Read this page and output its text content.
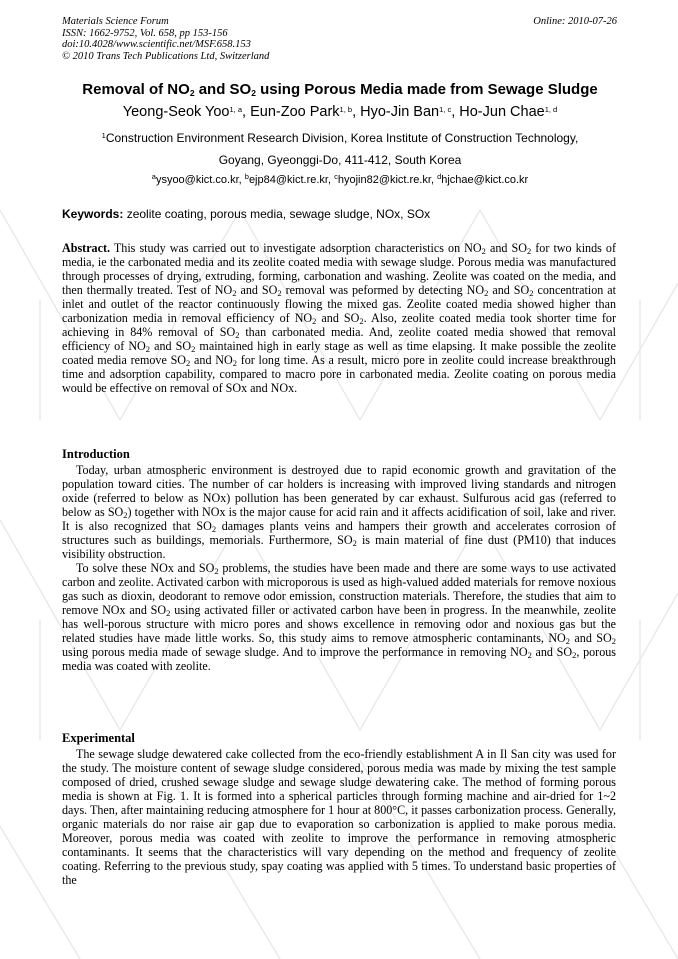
Materials Science Forum
ISSN: 1662-9752, Vol. 658, pp 153-156
doi:10.4028/www.scientific.net/MSF.658.153
© 2010 Trans Tech Publications Ltd, Switzerland
Online: 2010-07-26
Removal of $NO_2$ and $SO_2$ using Porous Media made from Sewage Sludge
Yeong-Seok Yoo$^{1, a}$, Eun-Zoo Park$^{1, b}$, Hyo-Jin Ban$^{1, c}$, Ho-Jun Chae$^{1, d}$
$^1$Construction Environment Research Division, Korea Institute of Construction Technology,
Goyang, Gyeonggi-Do, 411-412, South Korea
$^a$ysyoo@kict.co.kr, $^b$ejp84@kict.re.kr, $^c$hyojin82@kict.re.kr, $^d$hjchae@kict.co.kr
Keywords: zeolite coating, porous media, sewage sludge, NOx, SOx

Abstract. This study was carried out to investigate adsorption characteristics on $NO_2$ and $SO_2$ for two kinds of media, ie the carbonated media and its zeolite coated media with sewage sludge. Porous media was manufactured through processes of drying, extruding, forming, carbonation and washing. Zeolite was coated on the media, and then thermally treated. Test of $NO_2$ and $SO_2$ removal was peformed by detecting $NO_2$ and $SO_2$ concentration at inlet and outlet of the reactor continuously flowing the mixed gas. Zeolite coated media showed higher than carbonization media in removal efficiency of $NO_2$ and $SO_2$. Also, zeolite coated media took shorter time for achieving in 84% removal of $SO_2$ than carbonated media. And, zeolite coated media showed that removal efficiency of $NO_2$ and $SO_2$ maintained high in early stage as well as time elapsing. It make possible the zeolite coated media remove $SO_2$ and $NO_2$ for long time. As a result, micro pore in zeolite could increase breakthrough time and adsorption capability, compared to macro pore in carbonated media. Zeolite coating on porous media would be effective on removal of SOx and NOx.

Introduction

Today, urban atmospheric environment is destroyed due to rapid economic growth and gravitation of the population toward cities. The number of car holders is increasing with improved living standards and nitrogen oxide (referred to below as NOx) pollution has been generated by car exhaust. Sulfurous acid gas (referred to below as $SO_2$) together with NOx is the major cause for acid rain and it affects acidification of soil, lake and river. It is also recognized that $SO_2$ damages plants veins and hampers their growth and accelerates corrosion of structures such as buildings, memorials. Furthermore, $SO_2$ is main material of fine dust (PM10) that induces visibility obstruction.

To solve these NOx and $SO_2$ problems, the studies have been made and there are some ways to use activated carbon and zeolite. Activated carbon with microporous is used as high-valued added materials for remove noxious gas such as dioxin, deodorant to remove odor emission, construction materials. Therefore, the studies that aim to remove NOx and $SO_2$ using activated filler or activated carbon have been in progress. In the meanwhile, zeolite has well-porous structure with micro pores and shows excellence in removing odor and noxious gas but the related studies have made little works. So, this study aims to remove atmospheric contaminants, $NO_2$ and $SO_2$ using porous media made of sewage sludge. And to improve the performance in removing $NO_2$ and $SO_2$, porous media was coated with zeolite.

Experimental

The sewage sludge dewatered cake collected from the eco-friendly establishment A in Il San city was used for the study. The moisture content of sewage sludge considered, porous media was made by mixing the test sample composed of dried, crushed sewage sludge and sewage sludge dewatering cake. The method of forming porous media is shown at Fig. 1. It is formed into a spherical particles through forming machine and air-dried for 1~2 days. Then, after maintaining reducing atmosphere for 1 hour at 800°C, it passes carbonization process. Generally, organic materials do nor raise air gap due to evaporation so carbonization is applied to make porous media. Moreover, porous media was coated with zeolite to improve the performance in removing atmospheric contaminants. It seems that the characteristics will vary depending on the method and frequency of zeolite coating. Referring to the previous study, spay coating was applied with 5 times. To understand basic properties of the
